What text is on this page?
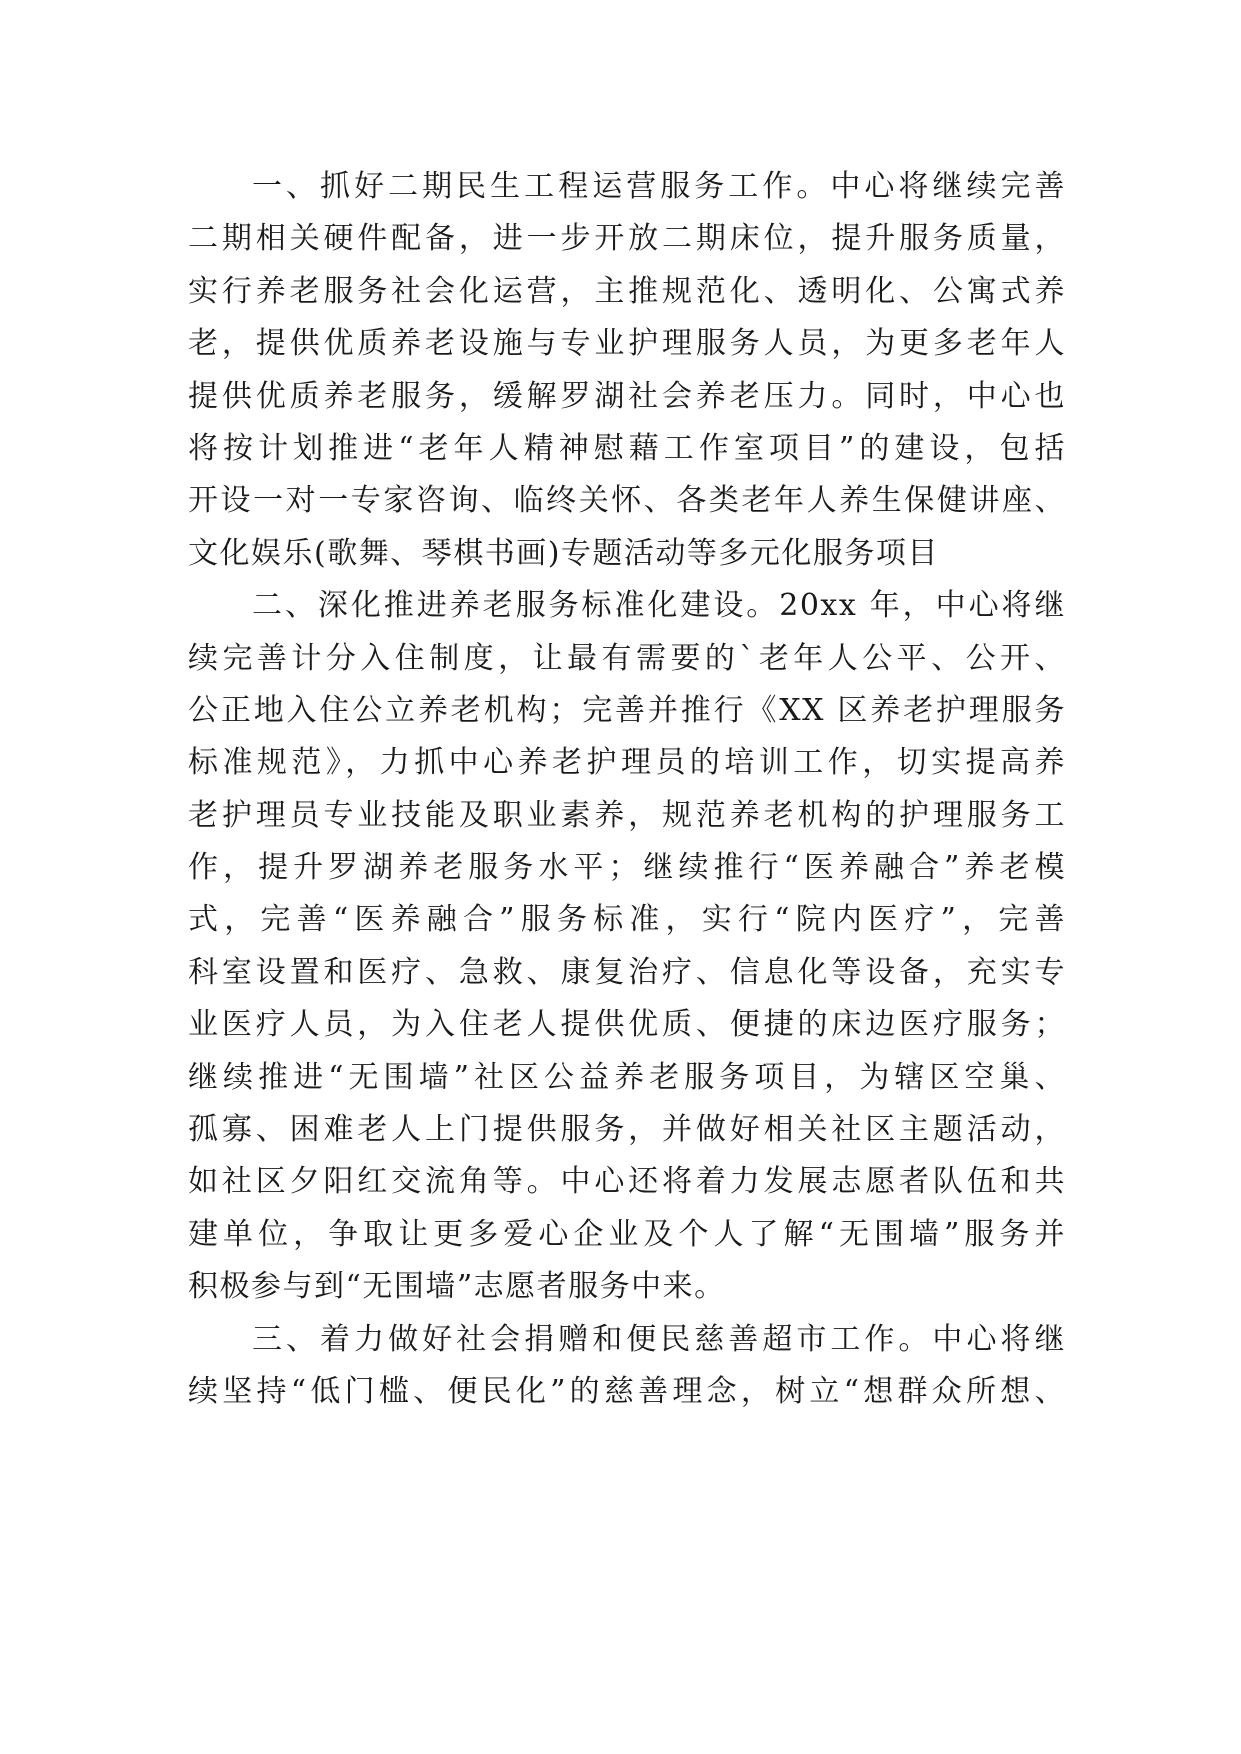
一、抓好二期民生工程运营服务工作。中心将继续完善
二期相关硬件配备，进一步开放二期床位，提升服务质量，
实行养老服务社会化运营，主推规范化、透明化、公寓式养
老，提供优质养老设施与专业护理服务人员，为更多老年人
提供优质养老服务，缓解罗湖社会养老压力。同时，中心也
将按计划推进“老年人精神慰藉工作室项目”的建设，包括
开设一对一专家咨询、临终关怀、各类老年人养生保健讲座、
文化娱乐(歌舞、琴棋书画)专题活动等多元化服务项目
二、深化推进养老服务标准化建设。20xx 年，中心将继
续完善计分入住制度，让最有需要的`老年人公平、公开、
公正地入住公立养老机构；完善并推行《XX 区养老护理服务
标准规范》，力抓中心养老护理员的培训工作，切实提高养
老护理员专业技能及职业素养，规范养老机构的护理服务工
作，提升罗湖养老服务水平；继续推行“医养融合”养老模
式，完善“医养融合”服务标准，实行“院内医疗”，完善
科室设置和医疗、急救、康复治疗、信息化等设备，充实专
业医疗人员，为入住老人提供优质、便捷的床边医疗服务；
继续推进“无围墙”社区公益养老服务项目，为辖区空巢、
孤寡、困难老人上门提供服务，并做好相关社区主题活动，
如社区夕阳红交流角等。中心还将着力发展志愿者队伍和共
建单位，争取让更多爱心企业及个人了解“无围墙”服务并
积极参与到“无围墙”志愿者服务中来。
三、着力做好社会捐赠和便民慈善超市工作。中心将继
续坚持“低门槛、便民化”的慈善理念，树立“想群众所想、
